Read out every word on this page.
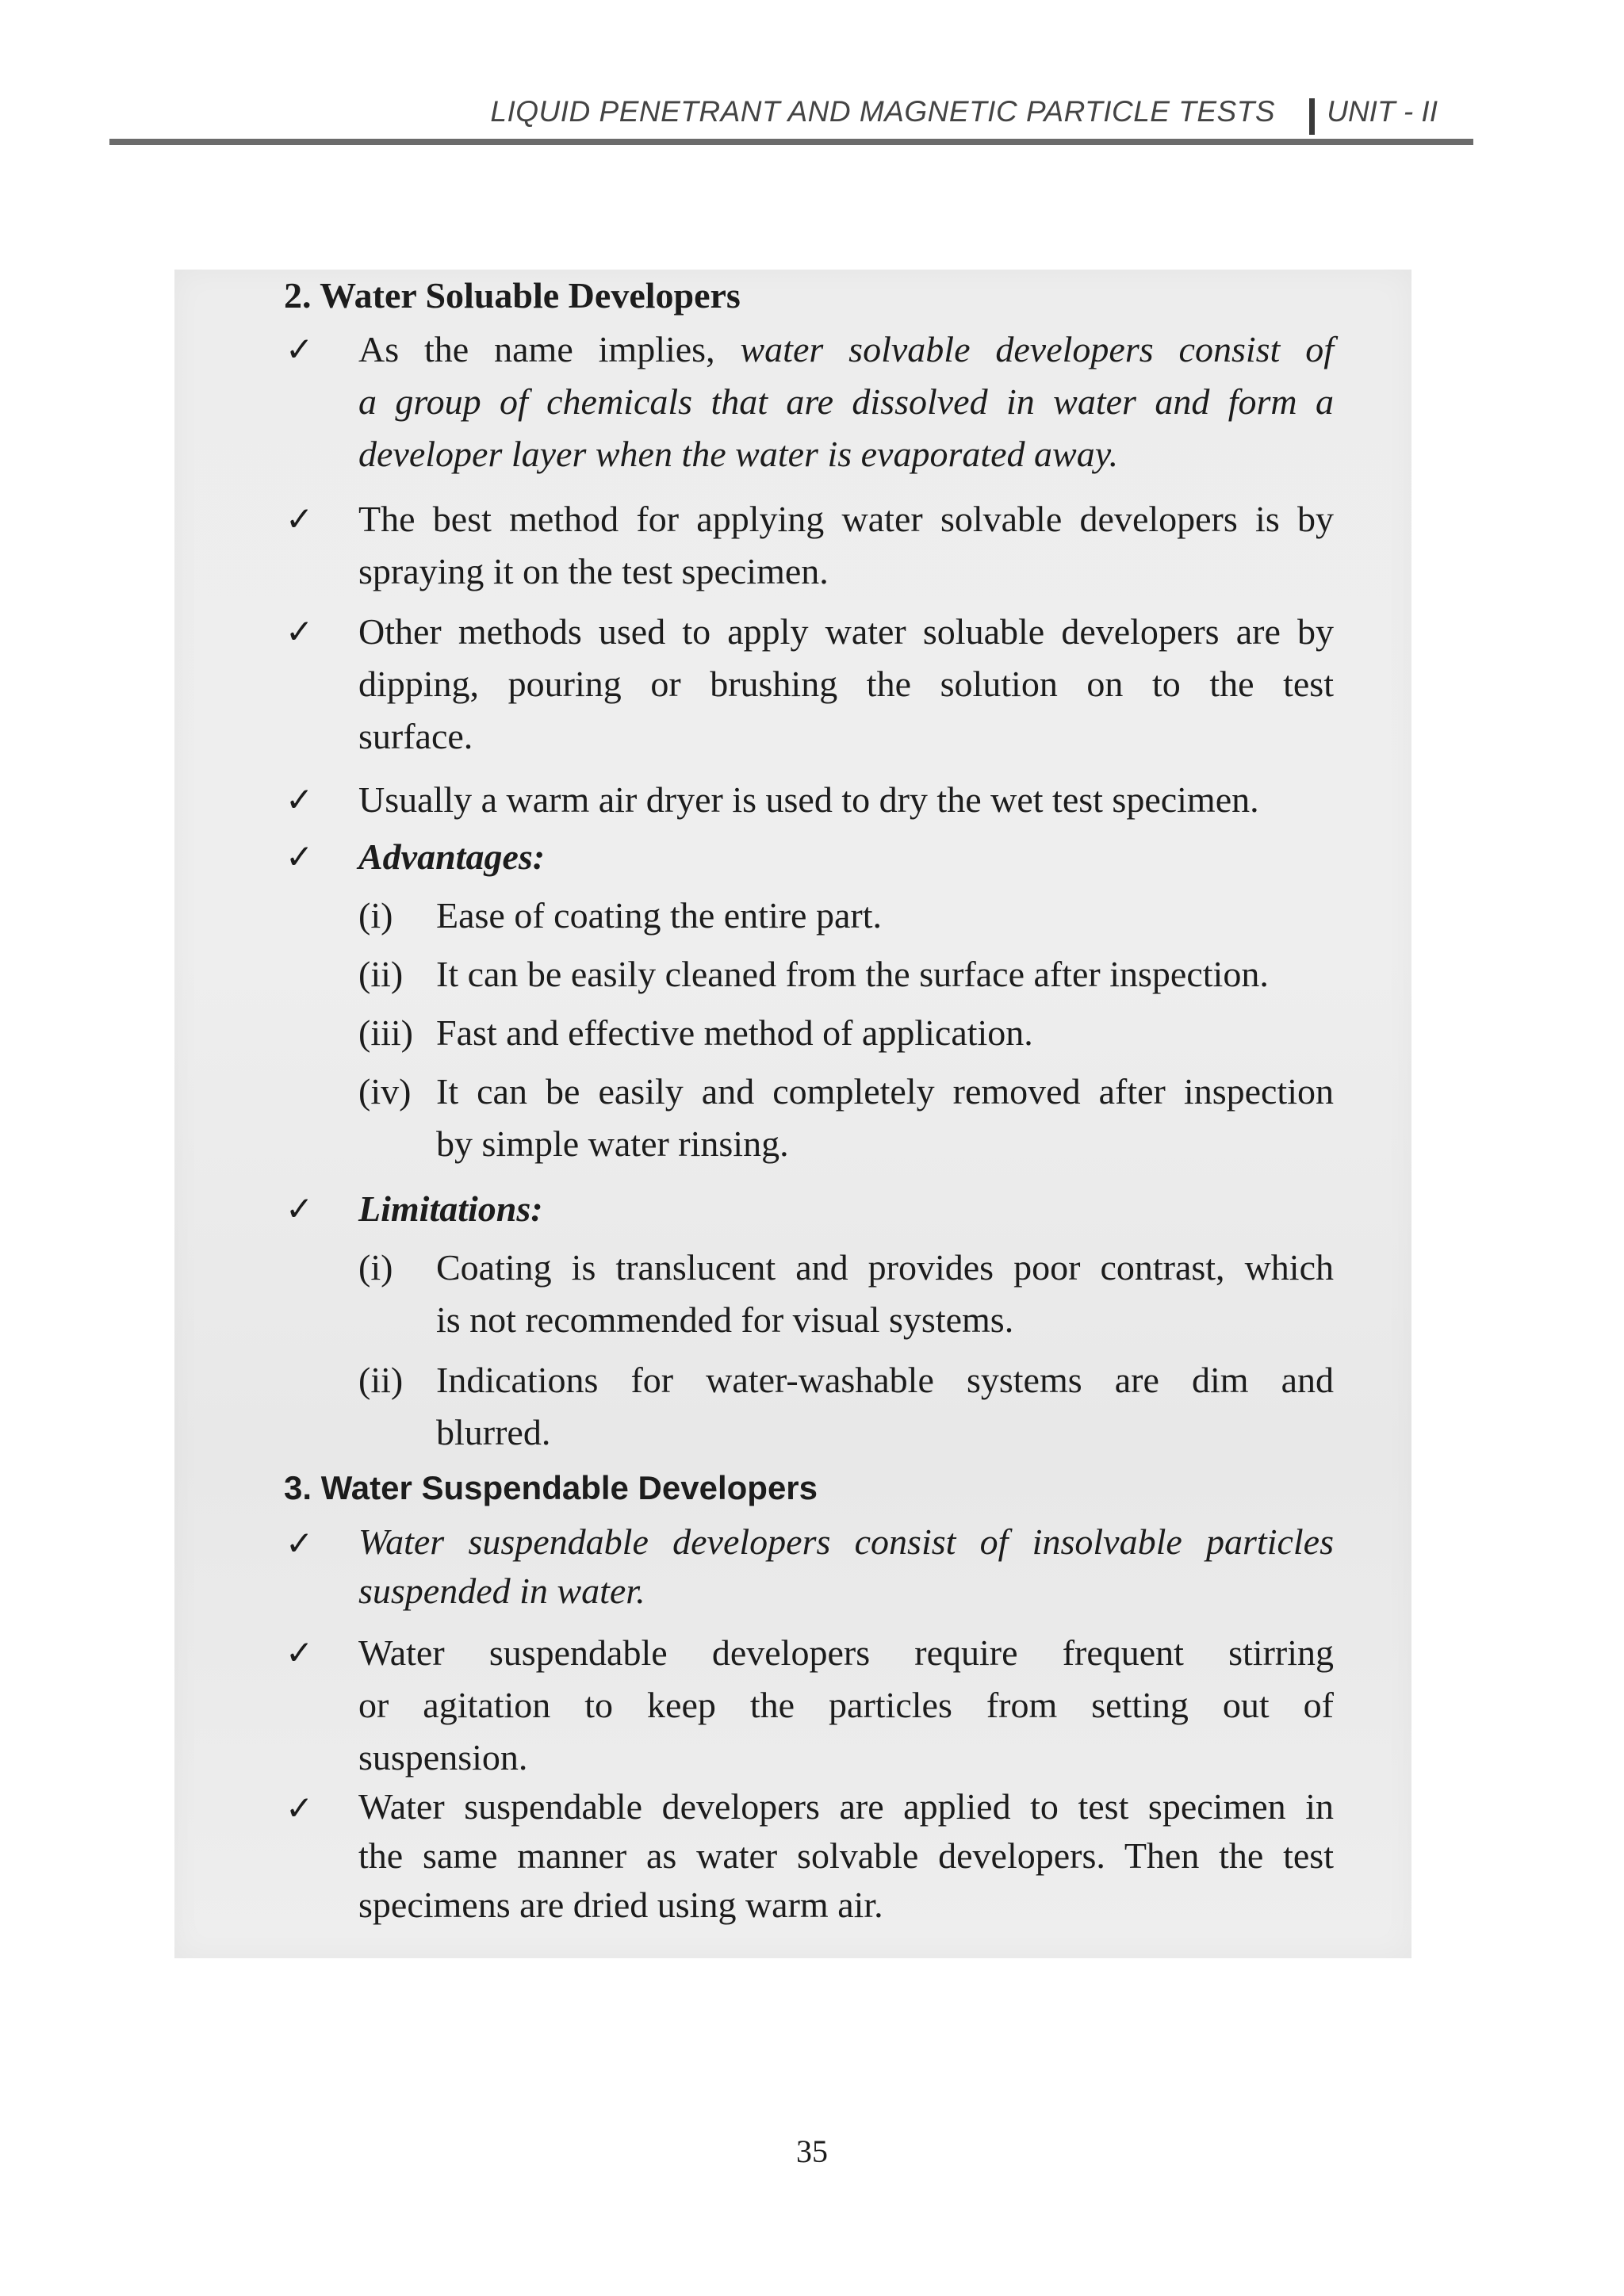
LIQUID PENETRANT AND MAGNETIC PARTICLE TESTS UNIT - II
2. Water Soluable Developers
✓ As the name implies, water solvable developers consist of
a group of chemicals that are dissolved in water and form a
developer layer when the water is evaporated away.
✓ The best method for applying water solvable developers is by
spraying it on the test specimen.
✓ Other methods used to apply water soluable developers are by
dipping, pouring or brushing the solution on to the test
surface.
✓ Usually a warm air dryer is used to dry the wet test specimen.
✓ Advantages:
(i) Ease of coating the entire part.
(ii) It can be easily cleaned from the surface after inspection.
(iii) Fast and effective method of application.
(iv) It can be easily and completely removed after inspection
by simple water rinsing.
✓ Limitations:
(i) Coating is translucent and provides poor contrast, which
is not recommended for visual systems.
(ii) Indications for water-washable systems are dim and
blurred.
3. Water Suspendable Developers
✓ Water suspendable developers consist of insolvable particles
suspended in water.
✓ Water suspendable developers require frequent stirring
or agitation to keep the particles from setting out of
suspension.
✓ Water suspendable developers are applied to test specimen in
the same manner as water solvable developers. Then the test
specimens are dried using warm air.
35
